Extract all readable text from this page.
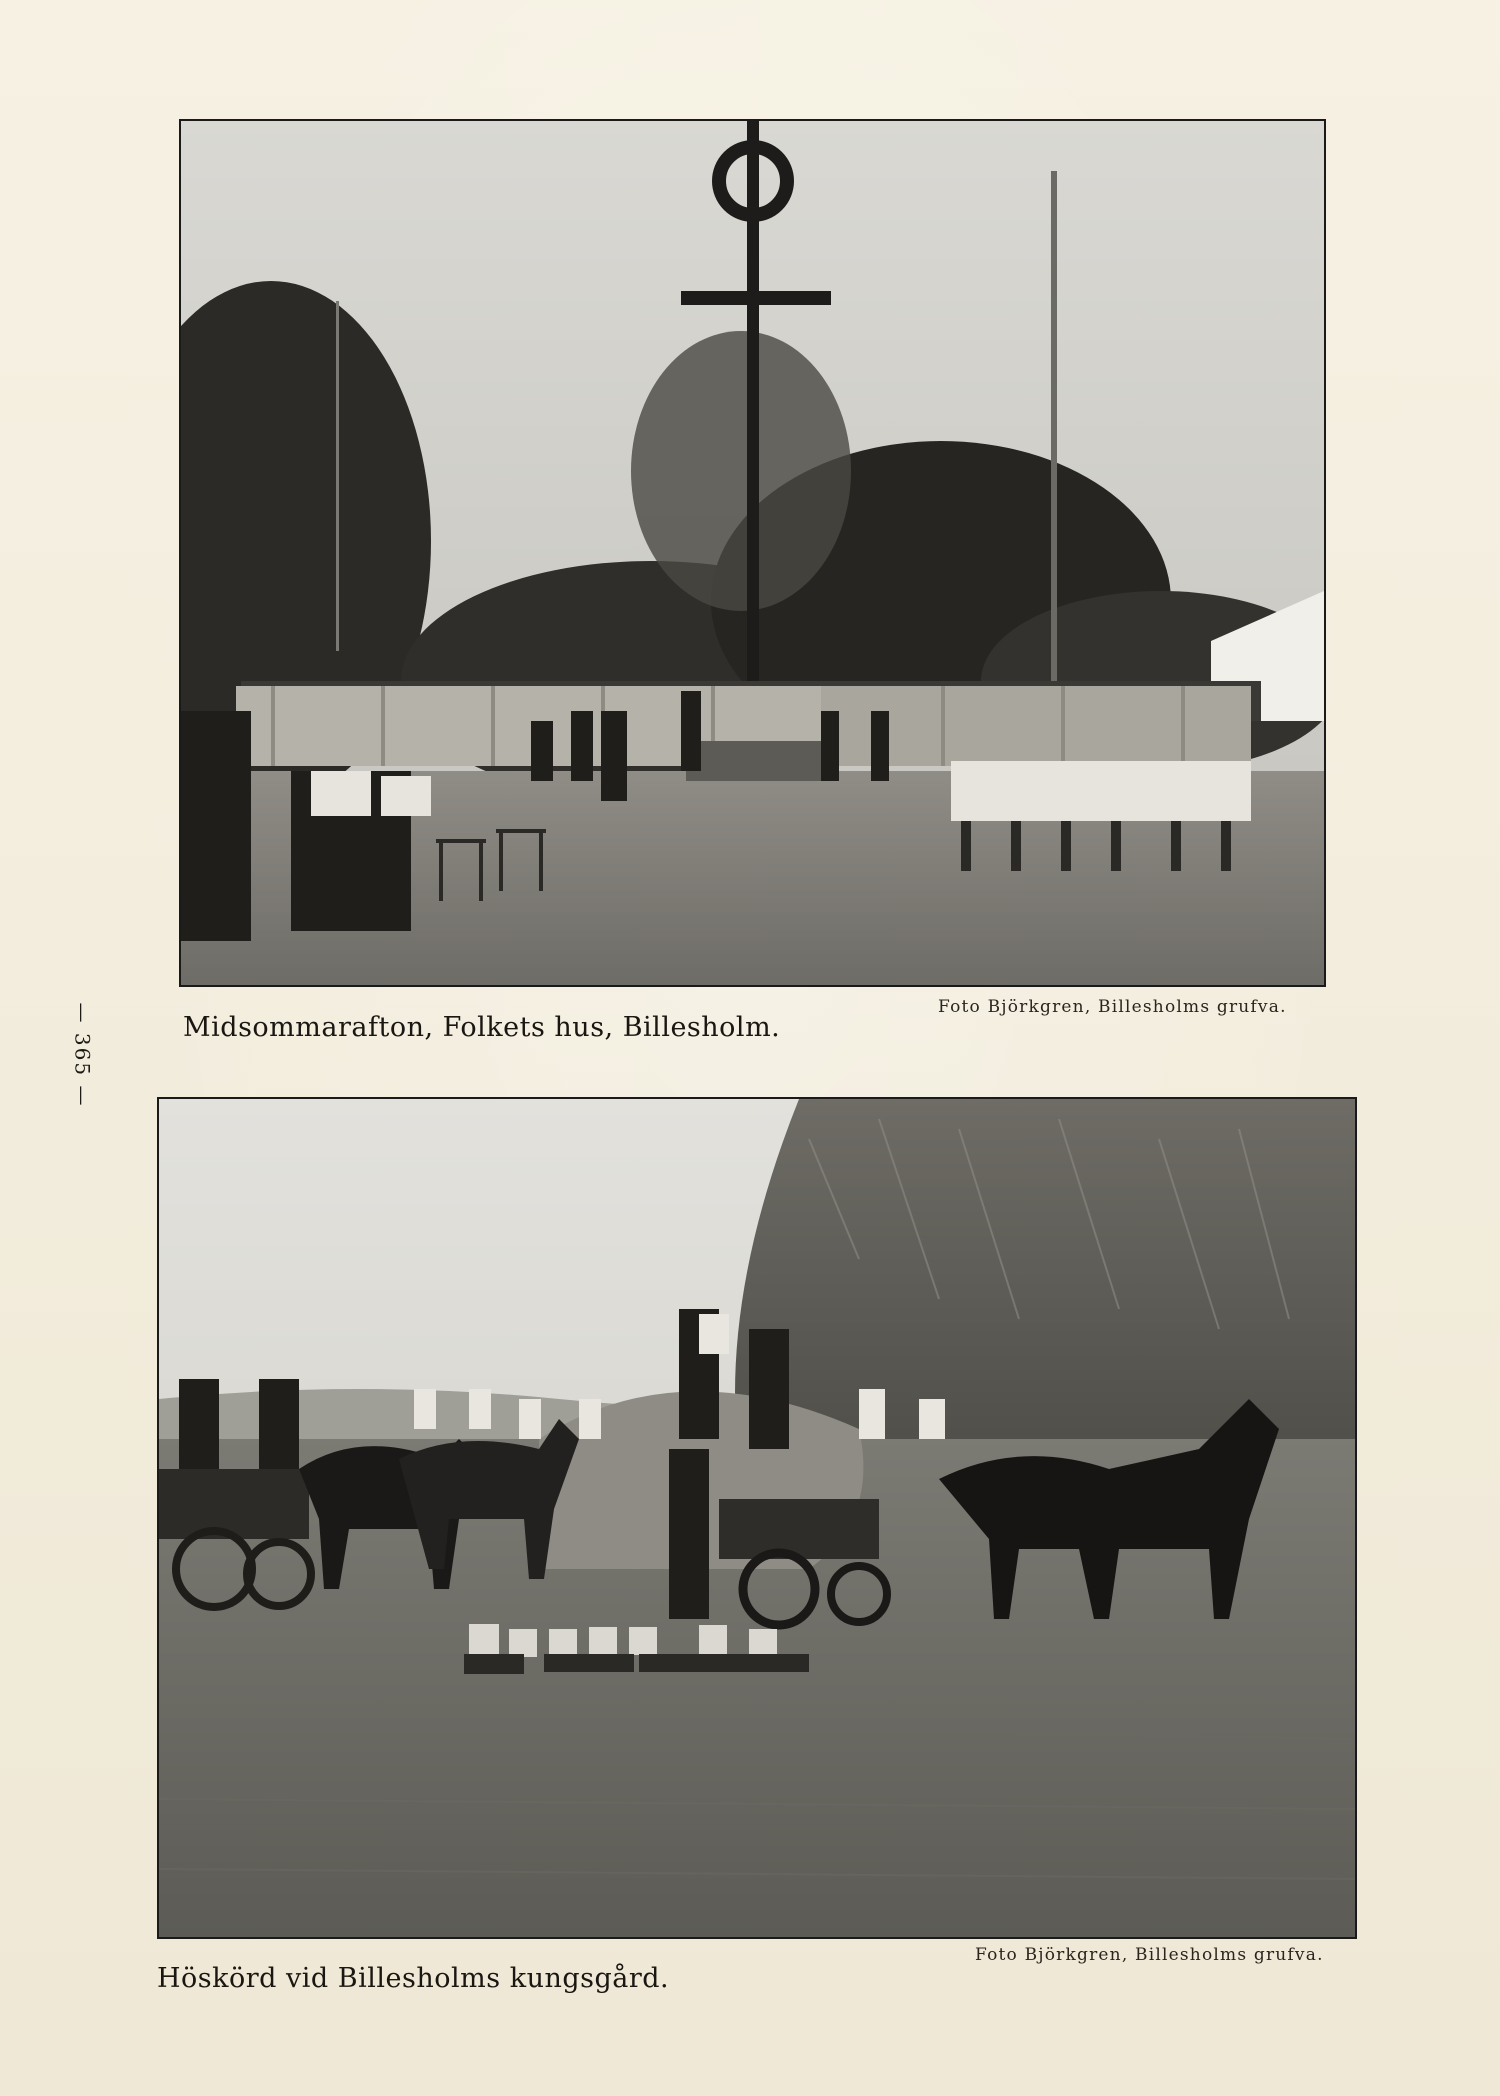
Midsommarafton, Folkets hus, Billesholm.
Foto Björkgren, Billesholms grufva.
Foto Björkgren, Billesholms grufva.
Höskörd vid Billesholms kungsgård.
— 365 —
